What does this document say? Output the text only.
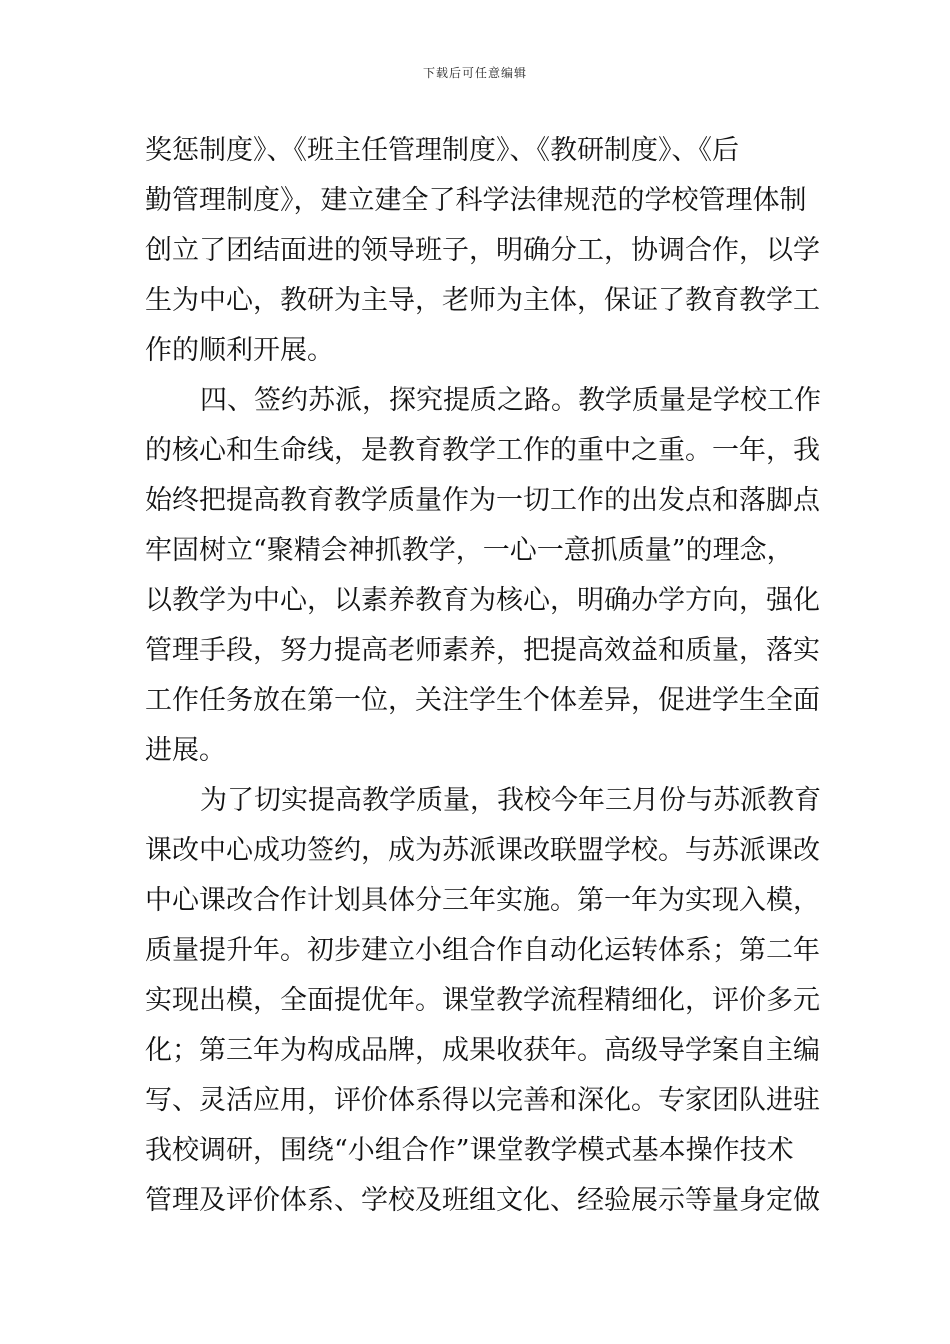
下载后可任意编辑
奖惩制度》、《班主任管理制度》、《教研制度》、《后
勤管理制度》，建立建全了科学法律规范的学校管理体制
创立了团结面进的领导班子，明确分工，协调合作，以学
生为中心，教研为主导，老师为主体，保证了教育教学工
作的顺利开展。
四、签约苏派，探究提质之路。教学质量是学校工作
的核心和生命线，是教育教学工作的重中之重。一年，我
始终把提高教育教学质量作为一切工作的出发点和落脚点
牢固树立“聚精会神抓教学，一心一意抓质量”的理念，
以教学为中心，以素养教育为核心，明确办学方向，强化
管理手段，努力提高老师素养，把提高效益和质量，落实
工作任务放在第一位，关注学生个体差异，促进学生全面
进展。
为了切实提高教学质量，我校今年三月份与苏派教育
课改中心成功签约，成为苏派课改联盟学校。与苏派课改
中心课改合作计划具体分三年实施。第一年为实现入模，
质量提升年。初步建立小组合作自动化运转体系；第二年
实现出模，全面提优年。课堂教学流程精细化，评价多元
化；第三年为构成品牌，成果收获年。高级导学案自主编
写、灵活应用，评价体系得以完善和深化。专家团队进驻
我校调研，围绕“小组合作”课堂教学模式基本操作技术
管理及评价体系、学校及班组文化、经验展示等量身定做
